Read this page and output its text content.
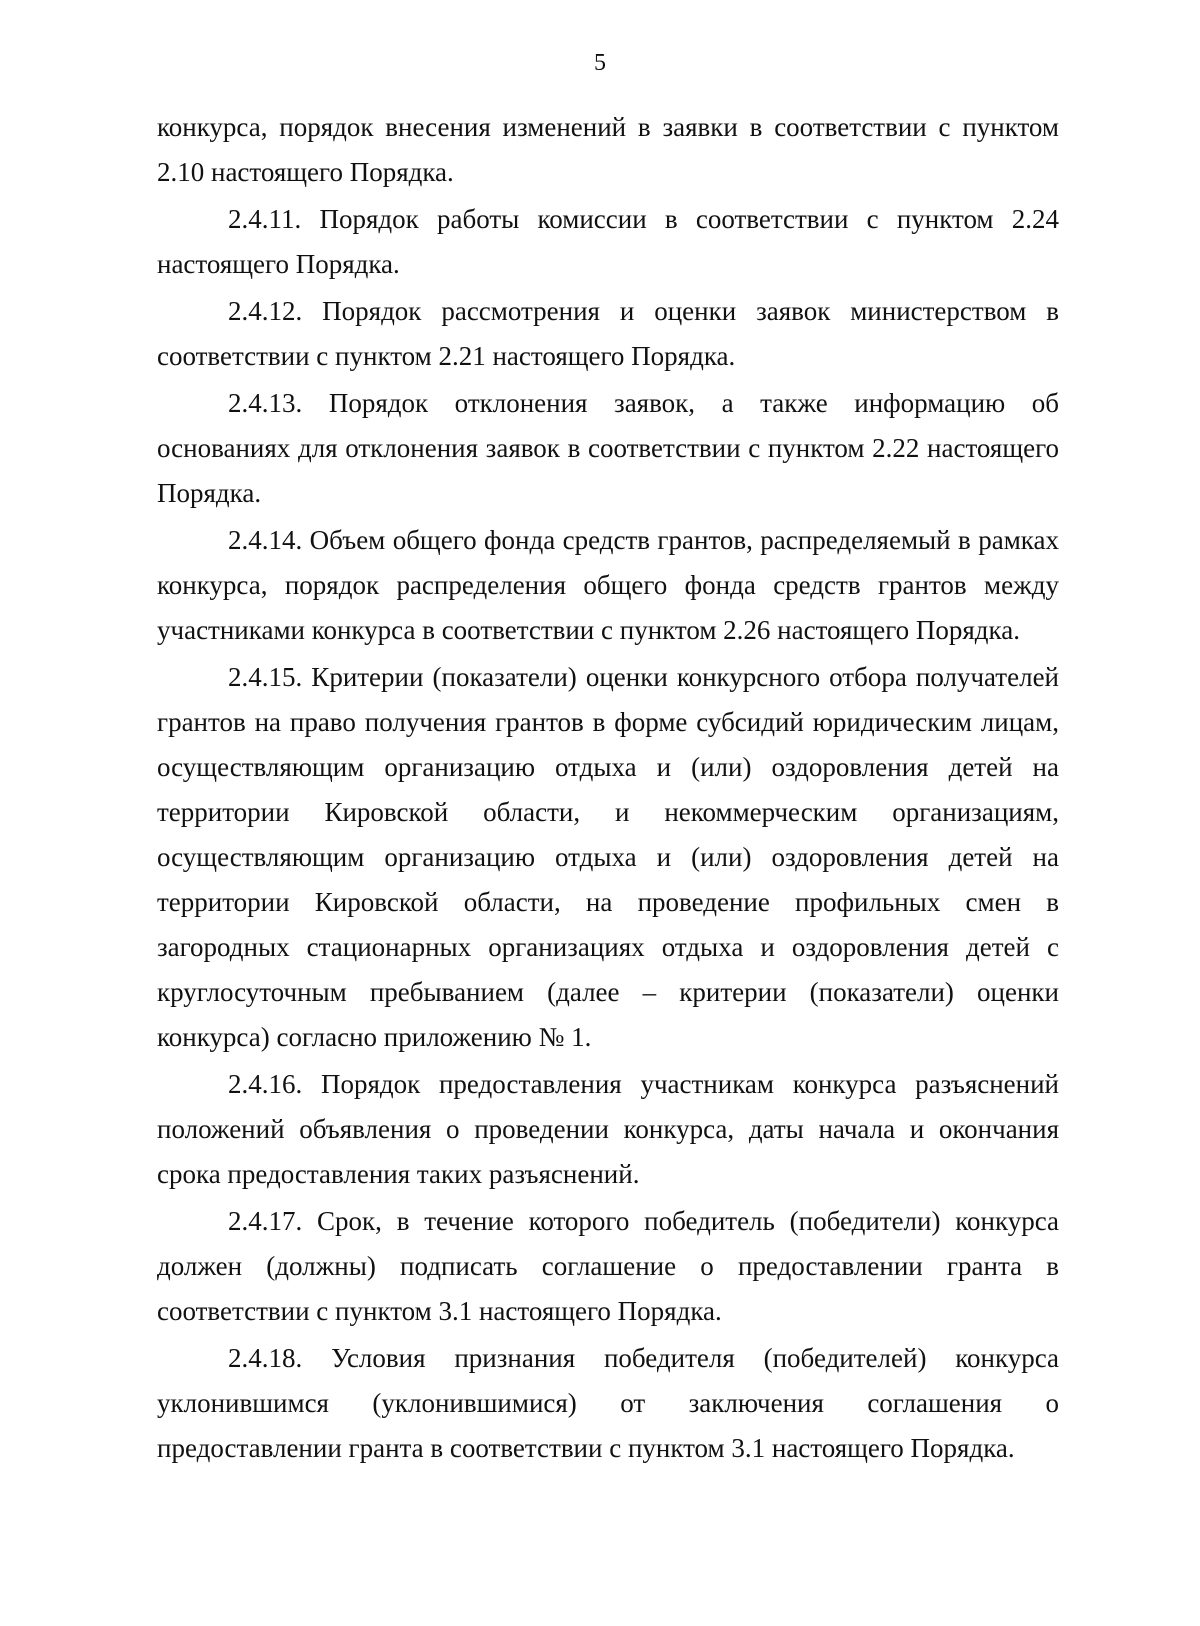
5

конкурса, порядок внесения изменений в заявки в соответствии с пунктом 2.10 настоящего Порядка.

2.4.11. Порядок работы комиссии в соответствии с пунктом 2.24 настоящего Порядка.

2.4.12. Порядок рассмотрения и оценки заявок министерством в соответствии с пунктом 2.21 настоящего Порядка.

2.4.13. Порядок отклонения заявок, а также информацию об основаниях для отклонения заявок в соответствии с пунктом 2.22 настоящего Порядка.

2.4.14. Объем общего фонда средств грантов, распределяемый в рамках конкурса, порядок распределения общего фонда средств грантов между участниками конкурса в соответствии с пунктом 2.26 настоящего Порядка.

2.4.15. Критерии (показатели) оценки конкурсного отбора получателей грантов на право получения грантов в форме субсидий юридическим лицам, осуществляющим организацию отдыха и (или) оздоровления детей на территории Кировской области, и некоммерческим организациям, осуществляющим организацию отдыха и (или) оздоровления детей на территории Кировской области, на проведение профильных смен в загородных стационарных организациях отдыха и оздоровления детей с круглосуточным пребыванием (далее – критерии (показатели) оценки конкурса) согласно приложению № 1.

2.4.16. Порядок предоставления участникам конкурса разъяснений положений объявления о проведении конкурса, даты начала и окончания срока предоставления таких разъяснений.

2.4.17. Срок, в течение которого победитель (победители) конкурса должен (должны) подписать соглашение о предоставлении гранта в соответствии с пунктом 3.1 настоящего Порядка.

2.4.18. Условия признания победителя (победителей) конкурса уклонившимся (уклонившимися) от заключения соглашения о предоставлении гранта в соответствии с пунктом 3.1 настоящего Порядка.
